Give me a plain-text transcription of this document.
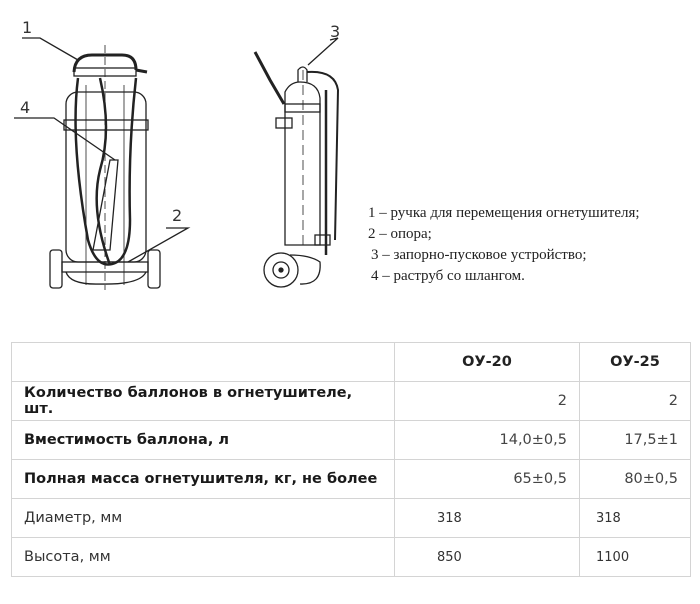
1
2
3
4
1 – ручка для перемещения огнетушителя;
2 – опора;
3 – запорно-пусковое устройство;
4 – раструб со шлангом.
	ОУ-20	ОУ-25
Количество баллонов в огнетушителе, шт.	2	2
Вместимость баллона, л	14,0±0,5	17,5±1
Полная масса огнетушителя, кг, не более	65±0,5	80±0,5
Диаметр, мм	318	318
Высота, мм	850	1100
